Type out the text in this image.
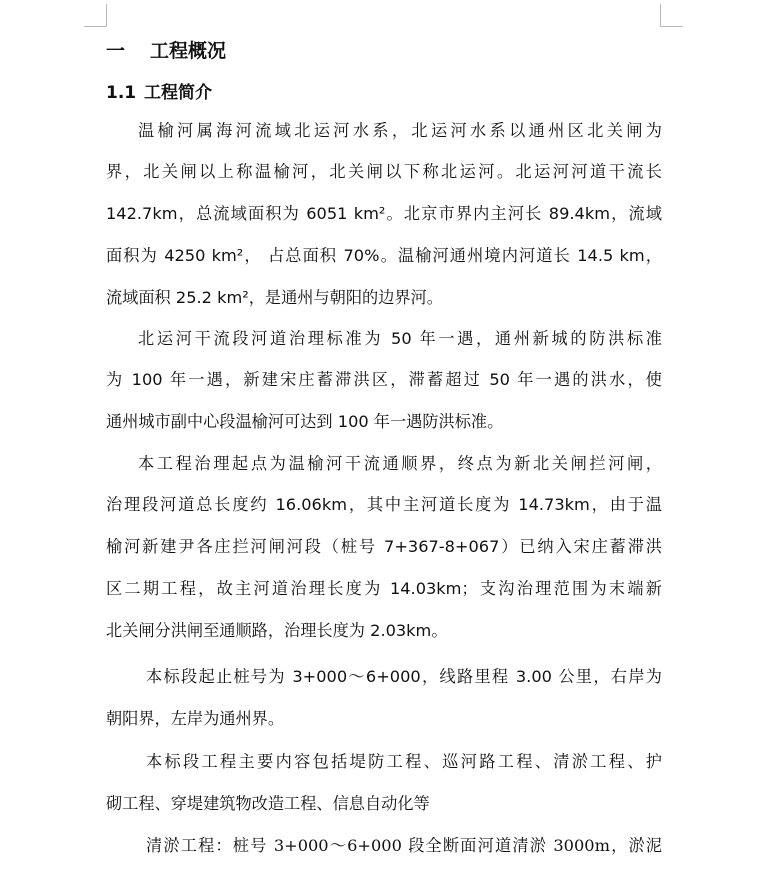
一 工程概况
1.1 工程简介
温榆河属海河流域北运河水系，北运河水系以通州区北关闸为
界，北关闸以上称温榆河，北关闸以下称北运河。北运河河道干流长
142.7km，总流域面积为 6051 km²。北京市界内主河长 89.4km，流域
面积为 4250 km²， 占总面积 70%。温榆河通州境内河道长 14.5 km，
流域面积 25.2 km²，是通州与朝阳的边界河。
北运河干流段河道治理标准为 50 年一遇，通州新城的防洪标准
为 100 年一遇，新建宋庄蓄滞洪区，滞蓄超过 50 年一遇的洪水，使
通州城市副中心段温榆河可达到 100 年一遇防洪标准。
本工程治理起点为温榆河干流通顺界，终点为新北关闸拦河闸，
治理段河道总长度约 16.06km，其中主河道长度为 14.73km，由于温
榆河新建尹各庄拦河闸河段（桩号 7+367-8+067）已纳入宋庄蓄滞洪
区二期工程，故主河道治理长度为 14.03km；支沟治理范围为末端新
北关闸分洪闸至通顺路，治理长度为 2.03km。
本标段起止桩号为 3+000～6+000，线路里程 3.00 公里，右岸为
朝阳界，左岸为通州界。
本标段工程主要内容包括堤防工程、巡河路工程、清淤工程、护
砌工程、穿堤建筑物改造工程、信息自动化等
清淤工程：桩号 3+000～6+000 段全断面河道清淤 3000m，淤泥
